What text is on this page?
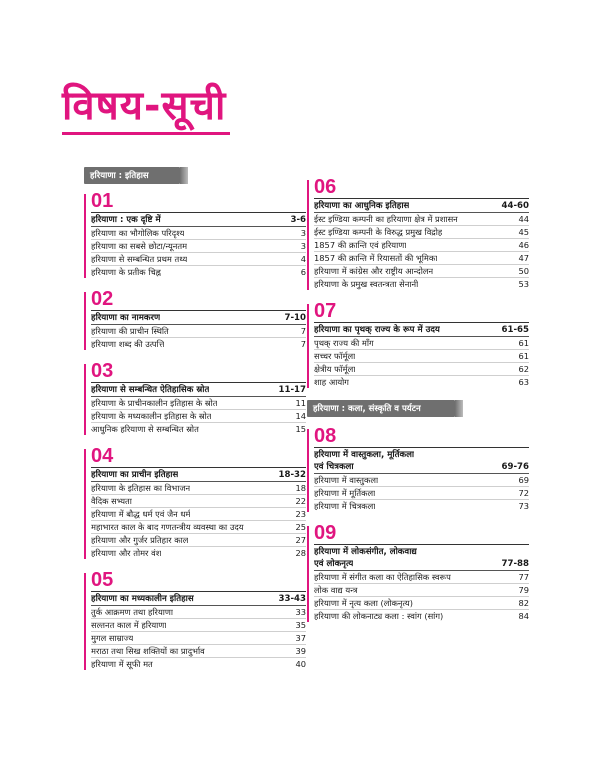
विषय-सूची
हरियाणा : इतिहास
01
हरियाणा : एक दृष्टि में	3-6
हरियाणा का भौगोलिक परिदृश्य	3
हरियाणा का सबसे छोटा/न्यूनतम	3
हरियाणा से सम्बन्धित प्रथम तथ्य	4
हरियाणा के प्रतीक चिह्न	6
02
हरियाणा का नामकरण	7-10
हरियाणा की प्राचीन स्थिति	7
हरियाणा शब्द की उत्पत्ति	7
03
हरियाणा से सम्बन्धित ऐतिहासिक स्रोत	11-17
हरियाणा के प्राचीनकालीन इतिहास के स्रोत	11
हरियाणा के मध्यकालीन इतिहास के स्रोत	14
आधुनिक हरियाणा से सम्बन्धित स्रोत	15
04
हरियाणा का प्राचीन इतिहास	18-32
हरियाणा के इतिहास का विभाजन	18
वैदिक सभ्यता	22
हरियाणा में बौद्ध धर्म एवं जैन धर्म	23
महाभारत काल के बाद गणतन्त्रीय व्यवस्था का उदय	25
हरियाणा और गुर्जर प्रतिहार काल	27
हरियाणा और तोमर वंश	28
05
हरियाणा का मध्यकालीन इतिहास	33-43
तुर्क आक्रमण तथा हरियाणा	33
सल्तनत काल में हरियाणा	35
मुगल साम्राज्य	37
मराठा तथा सिख शक्तियों का प्रादुर्भाव	39
हरियाणा में सूफी मत	40
06
हरियाणा का आधुनिक इतिहास	44-60
ईस्ट इण्डिया कम्पनी का हरियाणा क्षेत्र में प्रशासन	44
ईस्ट इण्डिया कम्पनी के विरुद्ध प्रमुख विद्रोह	45
1857 की क्रान्ति एवं हरियाणा	46
1857 की क्रान्ति में रियासतों की भूमिका	47
हरियाणा में कांग्रेस और राष्ट्रीय आन्दोलन	50
हरियाणा के प्रमुख स्वतन्त्रता सेनानी	53
07
हरियाणा का पृथक् राज्य के रूप में उदय	61-65
पृथक् राज्य की माँग	61
सच्चर फॉर्मूला	61
क्षेत्रीय फॉर्मूला	62
शाह आयोग	63
हरियाणा : कला, संस्कृति व पर्यटन
08
हरियाणा में वास्तुकला, मूर्तिकला
एवं चित्रकला	69-76
हरियाणा में वास्तुकला	69
हरियाणा में मूर्तिकला	72
हरियाणा में चित्रकला	73
09
हरियाणा में लोकसंगीत, लोकवाद्य
एवं लोकनृत्य	77-88
हरियाणा में संगीत कला का ऐतिहासिक स्वरूप	77
लोक वाद्य यन्त्र	79
हरियाणा में नृत्य कला (लोकनृत्य)	82
हरियाणा की लोकनाट्य कला : स्वांग (सांग)	84
